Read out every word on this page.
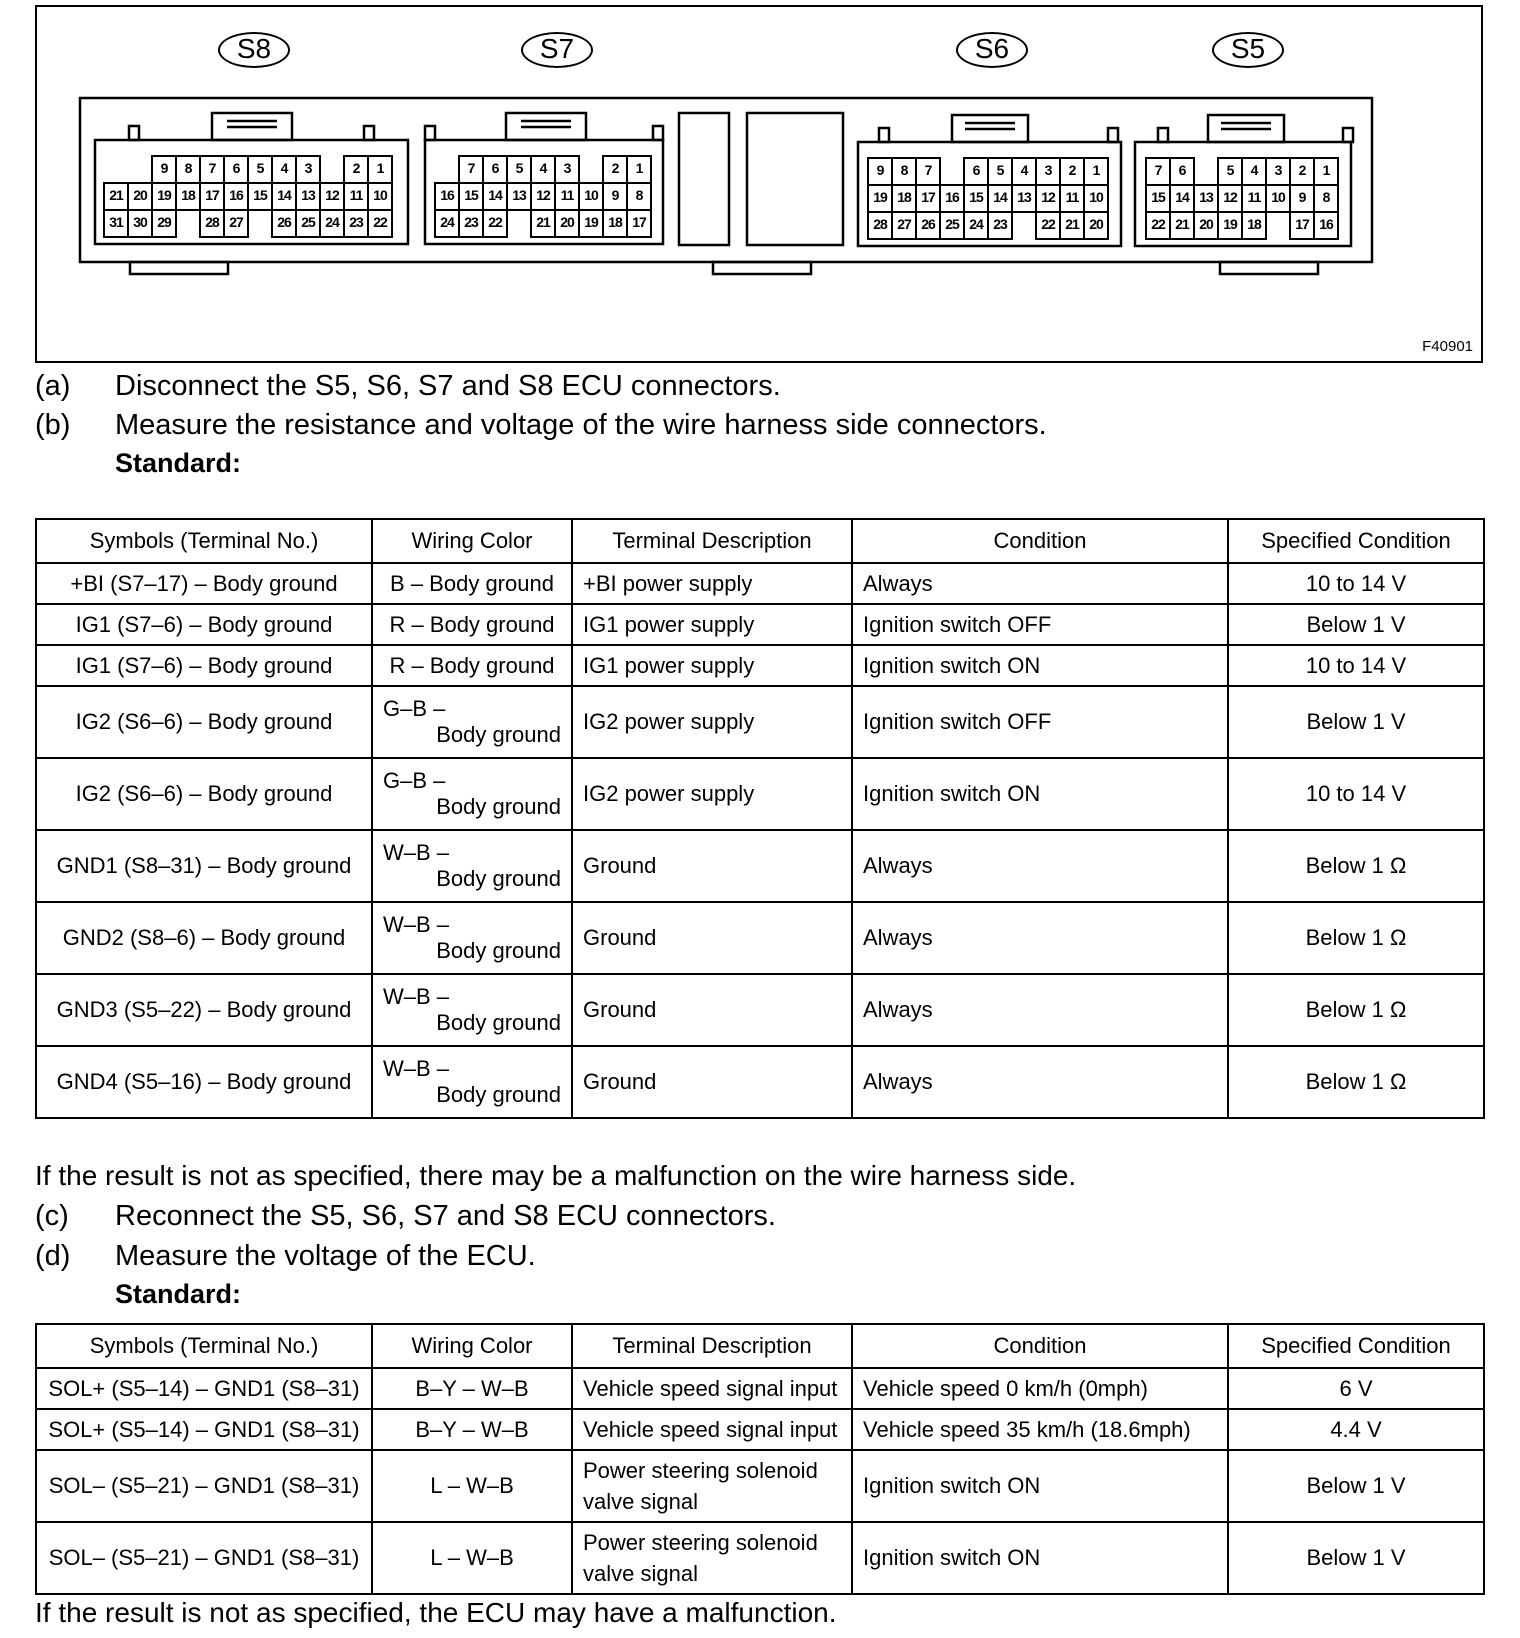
S8	S7	S6	S5
9	8	7	6	5	4	3	2	1
21 20 19 18 17 16 15 14 13 12 11 10
31 30 29	28 27	26 25 24 23 22
7	6	5	4	3	2	1
16 15 14 13 12 11 10 9	8
24 23 22	21 20 19 18 17
9	8	7	6	5	4	3	2	1
19 18 17 16 15 14 13 12 11 10
28 27 26 25 24 23	22 21 20
7	6	5	4	3	2	1
15 14 13 12 11 10 9	8
22 21 20 19 18	17 16
F40901
(a) Disconnect the S5, S6, S7 and S8 ECU connectors.
(b) Measure the resistance and voltage of the wire harness side connectors.
Standard:
Symbols (Terminal No.)	Wiring Color	Terminal Description	Condition	Specified Condition
+BI (S7–17) – Body ground	B – Body ground	+BI power supply	Always	10 to 14 V
IG1 (S7–6) – Body ground	R – Body ground	IG1 power supply	Ignition switch OFF	Below 1 V
IG1 (S7–6) – Body ground	R – Body ground	IG1 power supply	Ignition switch ON	10 to 14 V
IG2 (S6–6) – Body ground	G–B –
Body ground	IG2 power supply	Ignition switch OFF	Below 1 V
IG2 (S6–6) – Body ground	G–B –
Body ground	IG2 power supply	Ignition switch ON	10 to 14 V
GND1 (S8–31) – Body ground	W–B –
Body ground	Ground	Always	Below 1 Ω
GND2 (S8–6) – Body ground	W–B –
Body ground	Ground	Always	Below 1 Ω
GND3 (S5–22) – Body ground	W–B –
Body ground	Ground	Always	Below 1 Ω
GND4 (S5–16) – Body ground	W–B –
Body ground	Ground	Always	Below 1 Ω
If the result is not as specified, there may be a malfunction on the wire harness side.
(c) Reconnect the S5, S6, S7 and S8 ECU connectors.
(d) Measure the voltage of the ECU.
Standard:
Symbols (Terminal No.)	Wiring Color	Terminal Description	Condition	Specified Condition
SOL+ (S5–14) – GND1 (S8–31)	B–Y – W–B	Vehicle speed signal input	Vehicle speed 0 km/h (0mph)	6 V
SOL+ (S5–14) – GND1 (S8–31)	B–Y – W–B	Vehicle speed signal input	Vehicle speed 35 km/h (18.6mph)	4.4 V
SOL– (S5–21) – GND1 (S8–31)	L – W–B	Power steering solenoid valve signal	Ignition switch ON	Below 1 V
SOL– (S5–21) – GND1 (S8–31)	L – W–B	Power steering solenoid valve signal	Ignition switch ON	Below 1 V
If the result is not as specified, the ECU may have a malfunction.
